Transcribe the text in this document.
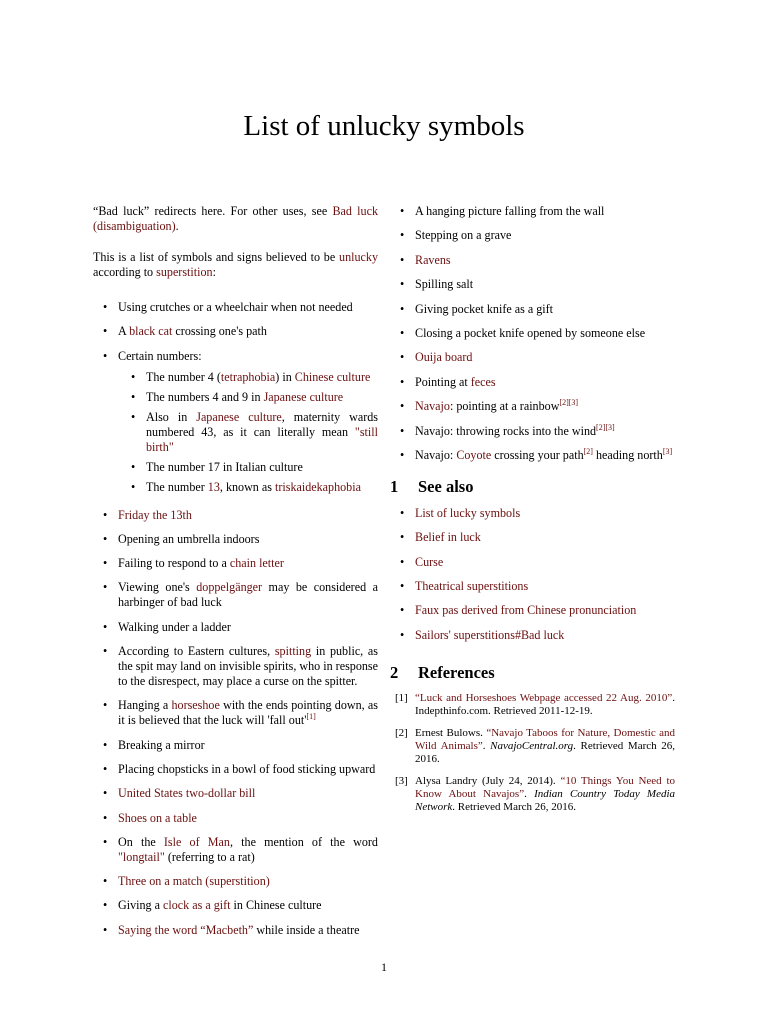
List of unlucky symbols

“Bad luck” redirects here. For other uses, see Bad luck (disambiguation).

This is a list of symbols and signs believed to be unlucky according to superstition:

• Using crutches or a wheelchair when not needed
• A black cat crossing one's path
• Certain numbers:
• The number 4 (tetraphobia) in Chinese culture
• The numbers 4 and 9 in Japanese culture
• Also in Japanese culture, maternity wards numbered 43, as it can literally mean "still birth"
• The number 17 in Italian culture
• The number 13, known as triskaidekaphobia
• Friday the 13th
• Opening an umbrella indoors
• Failing to respond to a chain letter
• Viewing one's doppelgänger may be considered a harbinger of bad luck
• Walking under a ladder
• According to Eastern cultures, spitting in public, as the spit may land on invisible spirits, who in response to the disrespect, may place a curse on the spitter.
• Hanging a horseshoe with the ends pointing down, as it is believed that the luck will 'fall out'[1]
• Breaking a mirror
• Placing chopsticks in a bowl of food sticking upward
• United States two-dollar bill
• Shoes on a table
• On the Isle of Man, the mention of the word "longtail" (referring to a rat)
• Three on a match (superstition)
• Giving a clock as a gift in Chinese culture
• Saying the word “Macbeth” while inside a theatre
• A hanging picture falling from the wall
• Stepping on a grave
• Ravens
• Spilling salt
• Giving pocket knife as a gift
• Closing a pocket knife opened by someone else
• Ouija board
• Pointing at feces
• Navajo: pointing at a rainbow[2][3]
• Navajo: throwing rocks into the wind[2][3]
• Navajo: Coyote crossing your path[2] heading north[3]
1	See also
• List of lucky symbols
• Belief in luck
• Curse
• Theatrical superstitions
• Faux pas derived from Chinese pronunciation
• Sailors' superstitions#Bad luck
2	References
[1] “Luck and Horseshoes Webpage accessed 22 Aug. 2010”. Indepthinfo.com. Retrieved 2011-12-19.
[2] Ernest Bulows. “Navajo Taboos for Nature, Domestic and Wild Animals”. NavajoCentral.org. Retrieved March 26, 2016.
[3] Alysa Landry (July 24, 2014). “10 Things You Need to Know About Navajos”. Indian Country Today Media Network. Retrieved March 26, 2016.
1
